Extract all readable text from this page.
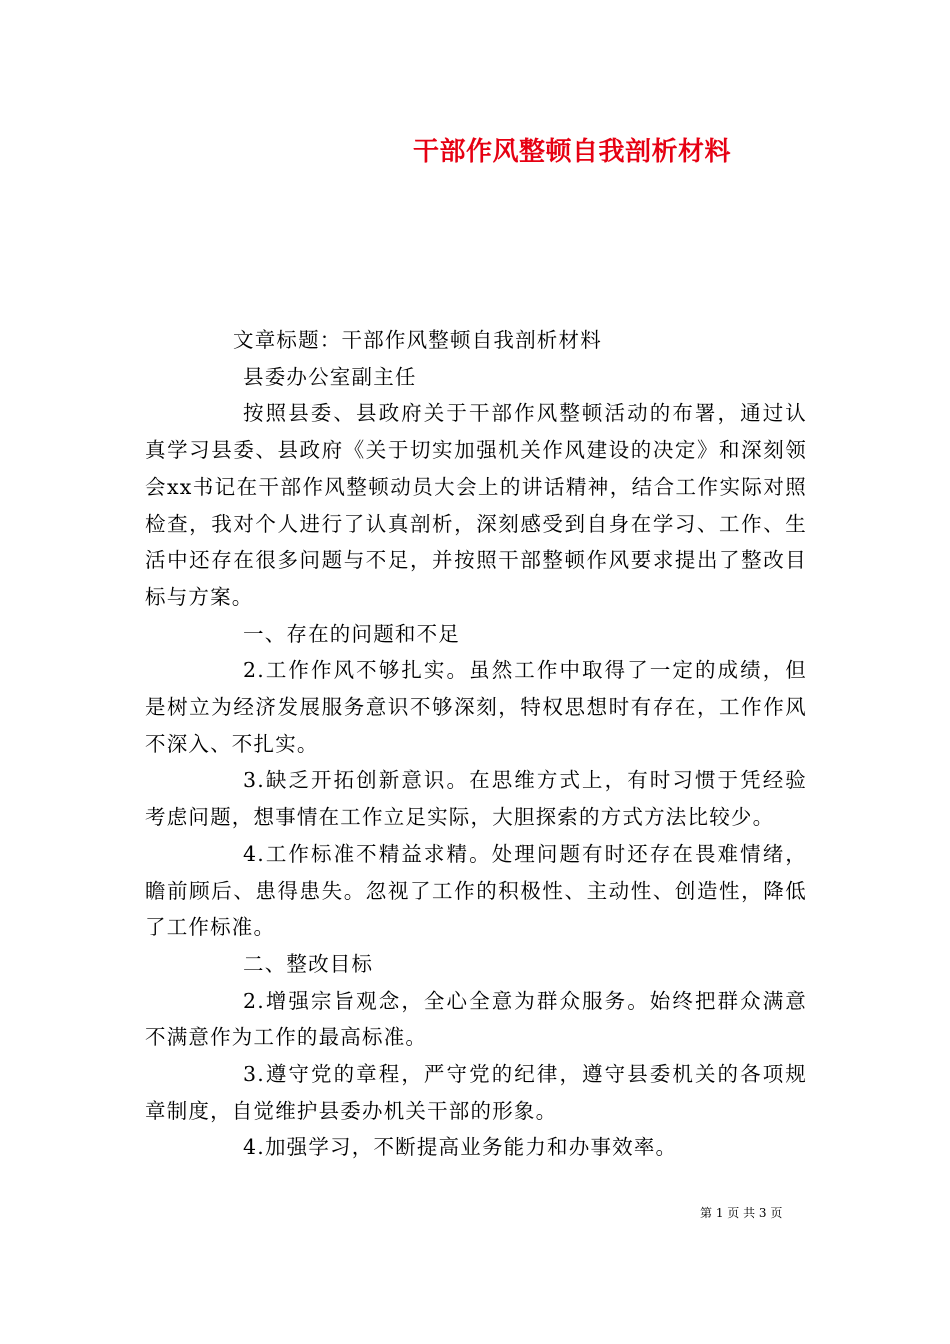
干部作风整顿自我剖析材料

文章标题：干部作风整顿自我剖析材料

县委办公室副主任

按照县委、县政府关于干部作风整顿活动的布署，通过认真学习县委、县政府《关于切实加强机关作风建设的决定》和深刻领会xx书记在干部作风整顿动员大会上的讲话精神，结合工作实际对照检查，我对个人进行了认真剖析，深刻感受到自身在学习、工作、生活中还存在很多问题与不足，并按照干部整顿作风要求提出了整改目标与方案。

一、存在的问题和不足

2.工作作风不够扎实。虽然工作中取得了一定的成绩，但是树立为经济发展服务意识不够深刻，特权思想时有存在，工作作风不深入、不扎实。

3.缺乏开拓创新意识。在思维方式上，有时习惯于凭经验考虑问题，想事情在工作立足实际，大胆探索的方式方法比较少。

4.工作标准不精益求精。处理问题有时还存在畏难情绪，瞻前顾后、患得患失。忽视了工作的积极性、主动性、创造性，降低了工作标准。

二、整改目标

2.增强宗旨观念，全心全意为群众服务。始终把群众满意不满意作为工作的最高标准。

3.遵守党的章程，严守党的纪律，遵守县委机关的各项规章制度，自觉维护县委办机关干部的形象。

4.加强学习，不断提高业务能力和办事效率。

第 1 页 共 3 页
